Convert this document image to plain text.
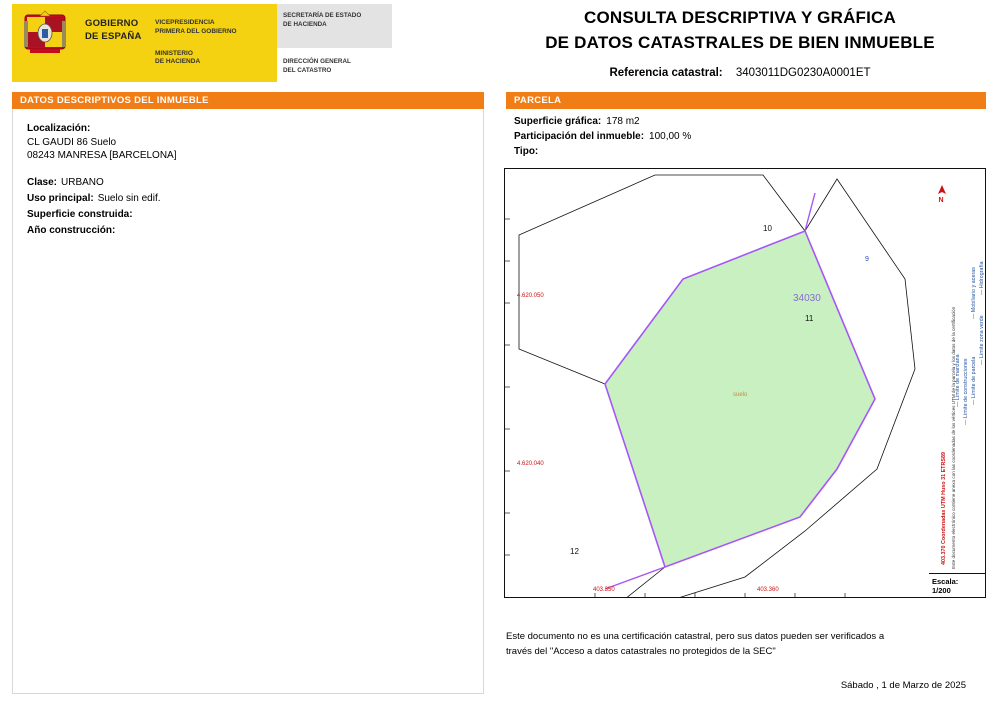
GOBIERNO
DE ESPAÑA
VICEPRESIDENCIA
PRIMERA DEL GOBIERNO
MINISTERIO
DE HACIENDA
SECRETARÍA DE ESTADO
DE HACIENDA
DIRECCIÓN GENERAL
DEL CATASTRO
CONSULTA DESCRIPTIVA Y GRÁFICA
DE DATOS CATASTRALES DE BIEN INMUEBLE
Referencia catastral: 3403011DG0230A0001ET
DATOS DESCRIPTIVOS DEL INMUEBLE	PARCELA
Localización:
CL GAUDI 86 Suelo
08243 MANRESA [BARCELONA]
Clase: URBANO
Uso principal: Suelo sin edif.
Superficie construida:
Año construcción:
Superficie gráfica: 178 m2
Participación del inmueble: 100,00 %
Tipo:
10
12
9
34030
11
suelo
4.620.050
4.620.040
403.350	403.360
N
— Límite de manzana — Límite de construcciones — Límite de parcela
— Mobiliario y aceras — Hidrografía
— Límite zona verde
403.370 Coordenadas UTM Huso 31 ETRS89 Este documento electrónico contiene anexo con las coordenadas de los vértices UTM de la parcela y los datos de la certificación
Escala:
1/200
Este documento no es una certificación catastral, pero sus datos pueden ser verificados a
través del "Acceso a datos catastrales no protegidos de la SEC"
Sábado , 1 de Marzo de 2025
